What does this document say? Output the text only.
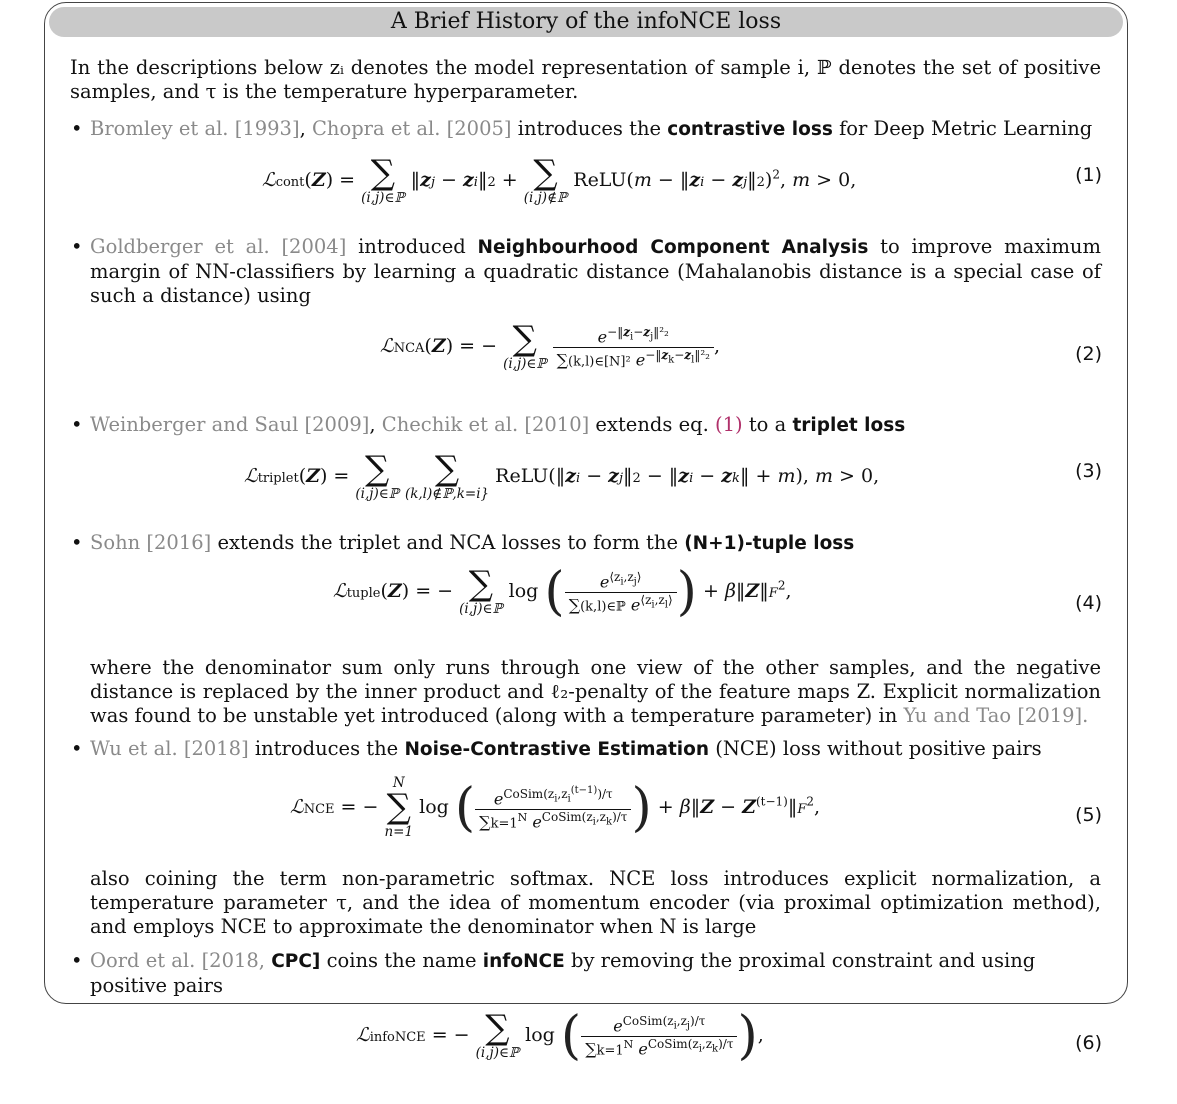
A Brief History of the infoNCE loss
In the descriptions below zᵢ denotes the model representation of sample i, ℙ denotes the set of positive samples, and τ is the temperature hyperparameter.
• Bromley et al. [1993], Chopra et al. [2005] introduces the contrastive loss for Deep Metric Learning
ℒcont(Z) = ∑
(i,j)∈ℙ
‖zj − zi‖2 + ∑
(i,j)∉ℙ
ReLU(m − ‖zi − zj‖2)$^2$, m > 0,	(1)
• Goldberger et al. [2004] introduced Neighbourhood Component Analysis to improve maximum margin of NN-classifiers by learning a quadratic distance (Mahalanobis distance is a special case of such a distance) using
ℒNCA(Z) = − ∑
(i,j)∈ℙ
$\frac{e^{-‖z_i-z_j‖^2_2}}{\sum(k,l)\in[N]^2 e^{-‖z_k-z_l‖^2_2}}$ ,	(2)
• Weinberger and Saul [2009], Chechik et al. [2010] extends eq. (1) to a triplet loss
ℒtriplet(Z) = ∑
(i,j)∈ℙ

∑
(k,l)∉ℙ,k=i}
ReLU(‖zi − zj‖2 − ‖zi − zk‖ + m), m > 0,	(3)
• Sohn [2016] extends the triplet and NCA losses to form the (N+1)-tuple loss
ℒtuple(Z) = − ∑
(i,j)∈ℙ
log ( $\frac{e^{⟨z_i,z_j⟩}}{\sum(k,l)\in ℙ e^{⟨z_i,z_l⟩}}$ ) + $\beta‖Z‖F^2$,
(4)
where the denominator sum only runs through one view of the other samples, and the negative distance is replaced by the inner product and ℓ₂-penalty of the feature maps Z. Explicit normalization was found to be unstable yet introduced (along with a temperature parameter) in Yu and Tao [2019].
• Wu et al. [2018] introduces the Noise-Contrastive Estimation (NCE) loss without positive pairs
ℒNCE = −
N
∑
n=1
log ( $\frac{e^{CoSim(z_i,z_i^{(t-1)})/\tau}}{\sum k=1^N e^{CoSim(z_i,z_k)/\tau}}$ ) + β‖Z − $Z^{(t-1)}‖F^2$,	(5)
also coining the term non-parametric softmax. NCE loss introduces explicit normalization, a temperature parameter τ, and the idea of momentum encoder (via proximal optimization method), and employs NCE to approximate the denominator when N is large
• Oord et al. [2018, CPC] coins the name infoNCE by removing the proximal constraint and using positive pairs
ℒinfoNCE = − ∑
(i,j)∈ℙ
log ( $\frac{e^{CoSim(z_i,z_j)/\tau}}{\sum k=1^N e^{CoSim(z_i,z_k)/\tau}}$ ),	(6)
